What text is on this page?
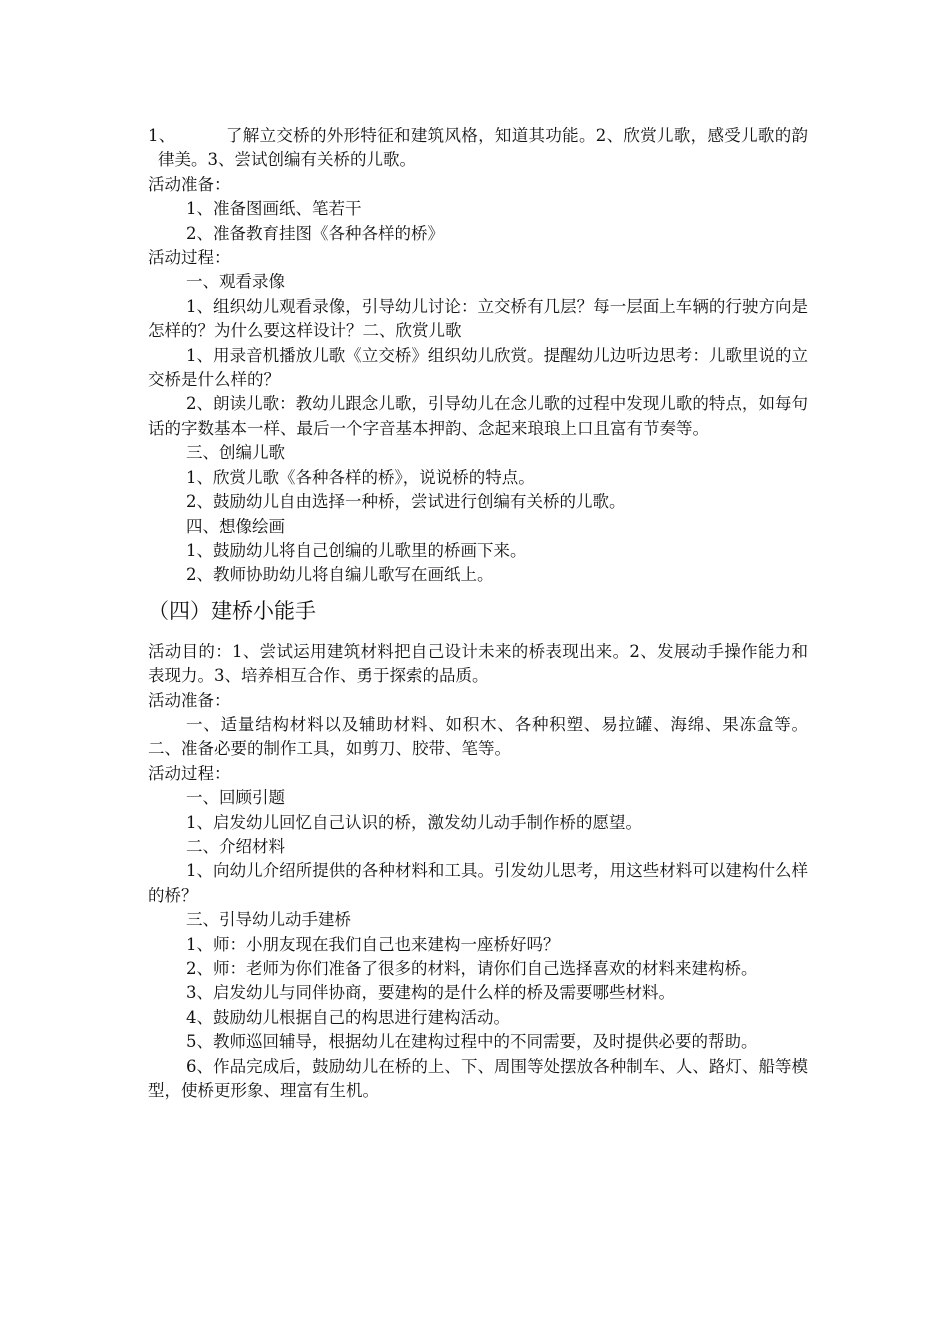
1、	了解立交桥的外形特征和建筑风格，知道其功能。2、欣赏儿歌，感受儿歌的韵律美。3、尝试创编有关桥的儿歌。

活动准备：

1、准备图画纸、笔若干

2、准备教育挂图《各种各样的桥》

活动过程：

一、观看录像

1、组织幼儿观看录像，引导幼儿讨论：立交桥有几层？每一层面上车辆的行驶方向是怎样的？为什么要这样设计？二、欣赏儿歌

1、用录音机播放儿歌《立交桥》组织幼儿欣赏。提醒幼儿边听边思考：儿歌里说的立交桥是什么样的？

2、朗读儿歌：教幼儿跟念儿歌，引导幼儿在念儿歌的过程中发现儿歌的特点，如每句话的字数基本一样、最后一个字音基本押韵、念起来琅琅上口且富有节奏等。

三、创编儿歌

1、欣赏儿歌《各种各样的桥》，说说桥的特点。

2、鼓励幼儿自由选择一种桥，尝试进行创编有关桥的儿歌。

四、想像绘画

1、鼓励幼儿将自己创编的儿歌里的桥画下来。

2、教师协助幼儿将自编儿歌写在画纸上。

（四）建桥小能手

活动目的：1、尝试运用建筑材料把自己设计未来的桥表现出来。2、发展动手操作能力和表现力。3、培养相互合作、勇于探索的品质。

活动准备：

一、适量结构材料以及辅助材料、如积木、各种积塑、易拉罐、海绵、果冻盒等。二、准备必要的制作工具，如剪刀、胶带、笔等。

活动过程：

一、回顾引题

1、启发幼儿回忆自己认识的桥，激发幼儿动手制作桥的愿望。

二、介绍材料

1、向幼儿介绍所提供的各种材料和工具。引发幼儿思考，用这些材料可以建构什么样的桥？

三、引导幼儿动手建桥

1、师：小朋友现在我们自己也来建构一座桥好吗？

2、师：老师为你们准备了很多的材料，请你们自己选择喜欢的材料来建构桥。

3、启发幼儿与同伴协商，要建构的是什么样的桥及需要哪些材料。

4、鼓励幼儿根据自己的构思进行建构活动。

5、教师巡回辅导，根据幼儿在建构过程中的不同需要，及时提供必要的帮助。

6、作品完成后，鼓励幼儿在桥的上、下、周围等处摆放各种制车、人、路灯、船等模型，使桥更形象、理富有生机。
